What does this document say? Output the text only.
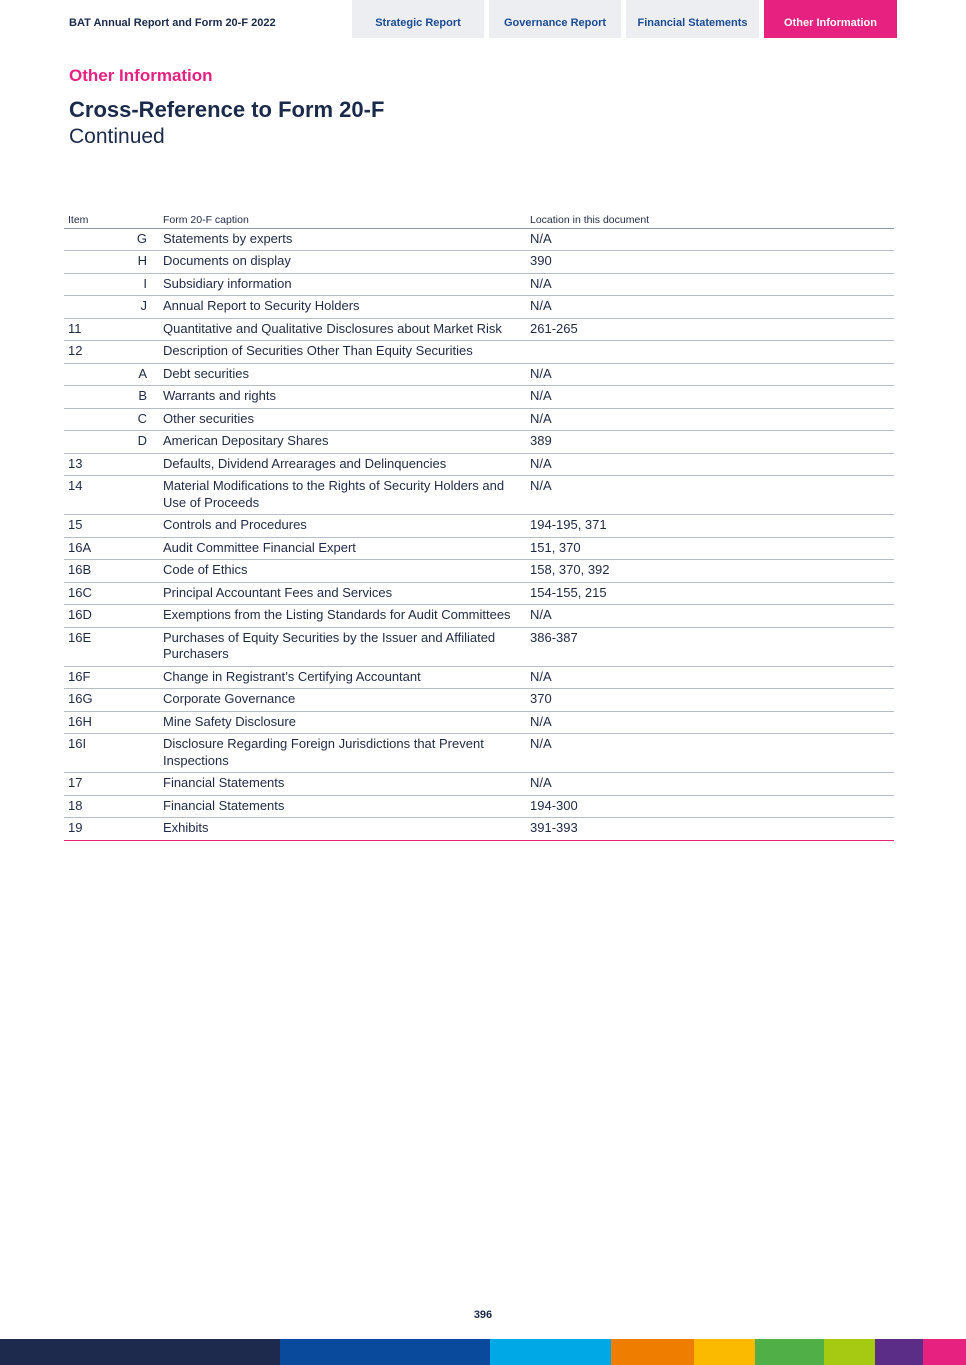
BAT Annual Report and Form 20-F 2022	Strategic Report	Governance Report	Financial Statements	Other Information
Other Information
Cross-Reference to Form 20-F
Continued
Item		Form 20-F caption	Location in this document
	G	Statements by experts	N/A
	H	Documents on display	390
	I	Subsidiary information	N/A
	J	Annual Report to Security Holders	N/A
11		Quantitative and Qualitative Disclosures about Market Risk	261-265
12		Description of Securities Other Than Equity Securities	
	A	Debt securities	N/A
	B	Warrants and rights	N/A
	C	Other securities	N/A
	D	American Depositary Shares	389
13		Defaults, Dividend Arrearages and Delinquencies	N/A
14		Material Modifications to the Rights of Security Holders and Use of Proceeds	N/A
15		Controls and Procedures	194-195, 371
16A		Audit Committee Financial Expert	151, 370
16B		Code of Ethics	158, 370, 392
16C		Principal Accountant Fees and Services	154-155, 215
16D		Exemptions from the Listing Standards for Audit Committees	N/A
16E		Purchases of Equity Securities by the Issuer and Affiliated Purchasers	386-387
16F		Change in Registrant’s Certifying Accountant	N/A
16G		Corporate Governance	370
16H		Mine Safety Disclosure	N/A
16I		Disclosure Regarding Foreign Jurisdictions that Prevent Inspections	N/A
17		Financial Statements	N/A
18		Financial Statements	194-300
19		Exhibits	391-393
396
